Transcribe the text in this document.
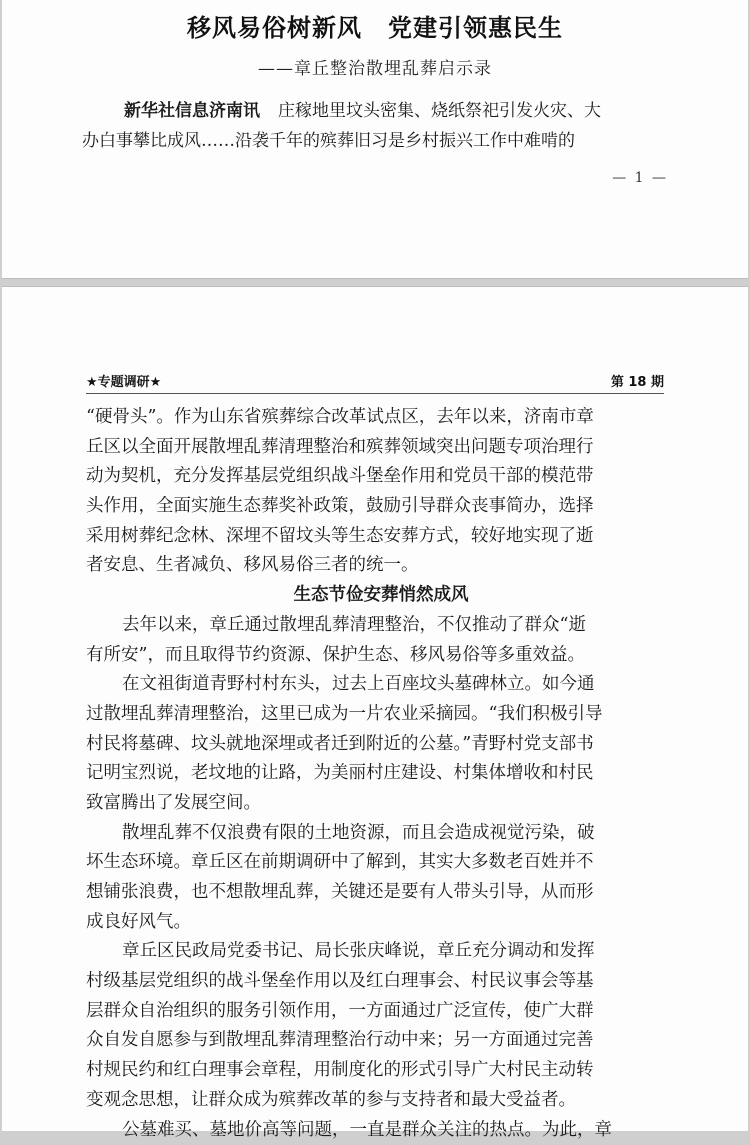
移风易俗树新风 党建引领惠民生
——章丘整治散埋乱葬启示录
新华社信息济南讯 庄稼地里坟头密集、烧纸祭祀引发火灾、大
办白事攀比成风……沿袭千年的殡葬旧习是乡村振兴工作中难啃的
— 1 —
★专题调研★	第 18 期
“硬骨头”。作为山东省殡葬综合改革试点区，去年以来，济南市章
丘区以全面开展散埋乱葬清理整治和殡葬领域突出问题专项治理行
动为契机，充分发挥基层党组织战斗堡垒作用和党员干部的模范带
头作用，全面实施生态葬奖补政策，鼓励引导群众丧事简办，选择
采用树葬纪念林、深埋不留坟头等生态安葬方式，较好地实现了逝
者安息、生者减负、移风易俗三者的统一。
生态节俭安葬悄然成风
去年以来，章丘通过散埋乱葬清理整治，不仅推动了群众“逝
有所安”，而且取得节约资源、保护生态、移风易俗等多重效益。
在文祖街道青野村村东头，过去上百座坟头墓碑林立。如今通
过散埋乱葬清理整治，这里已成为一片农业采摘园。“我们积极引导
村民将墓碑、坟头就地深埋或者迁到附近的公墓。”青野村党支部书
记明宝烈说，老坟地的让路，为美丽村庄建设、村集体增收和村民
致富腾出了发展空间。
散埋乱葬不仅浪费有限的土地资源，而且会造成视觉污染，破
坏生态环境。章丘区在前期调研中了解到，其实大多数老百姓并不
想铺张浪费，也不想散埋乱葬，关键还是要有人带头引导，从而形
成良好风气。
章丘区民政局党委书记、局长张庆峰说，章丘充分调动和发挥
村级基层党组织的战斗堡垒作用以及红白理事会、村民议事会等基
层群众自治组织的服务引领作用，一方面通过广泛宣传，使广大群
众自发自愿参与到散埋乱葬清理整治行动中来；另一方面通过完善
村规民约和红白理事会章程，用制度化的形式引导广大村民主动转
变观念思想，让群众成为殡葬改革的参与支持者和最大受益者。
公墓难买、墓地价高等问题，一直是群众关注的热点。为此，章
